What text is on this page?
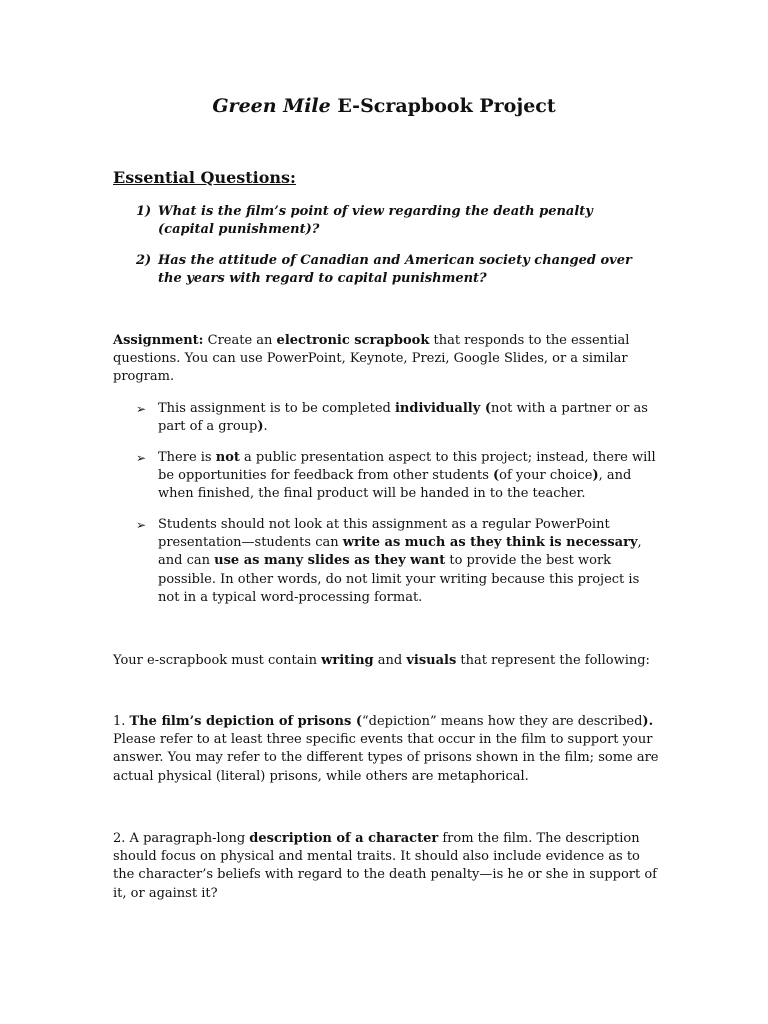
Green Mile E-Scrapbook Project
Essential Questions:
1) What is the film’s point of view regarding the death penalty (capital punishment)?
2) Has the attitude of Canadian and American society changed over the years with regard to capital punishment?
Assignment: Create an electronic scrapbook that responds to the essential questions. You can use PowerPoint, Keynote, Prezi, Google Slides, or a similar program.
➢ This assignment is to be completed individually (not with a partner or as part of a group).
➢ There is not a public presentation aspect to this project; instead, there will be opportunities for feedback from other students (of your choice), and when finished, the final product will be handed in to the teacher.
➢ Students should not look at this assignment as a regular PowerPoint presentation—students can write as much as they think is necessary, and can use as many slides as they want to provide the best work possible. In other words, do not limit your writing because this project is not in a typical word-processing format.
Your e-scrapbook must contain writing and visuals that represent the following:
1. The film’s depiction of prisons (“depiction” means how they are described). Please refer to at least three specific events that occur in the film to support your answer. You may refer to the different types of prisons shown in the film; some are actual physical (literal) prisons, while others are metaphorical.
2. A paragraph-long description of a character from the film. The description should focus on physical and mental traits. It should also include evidence as to the character’s beliefs with regard to the death penalty—is he or she in support of it, or against it?
